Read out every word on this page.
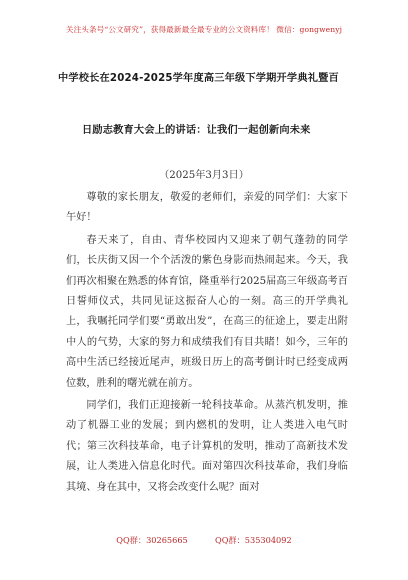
关注头条号“公文研究”，获得最新最全最专业的公文资料库！ 微信：gongwenyj
中学校长在2024-2025学年度高三年级下学期开学典礼暨百
日励志教育大会上的讲话：让我们一起创新向未来
（2025年3月3日）

尊敬的家长朋友，敬爱的老师们，亲爱的同学们：大家下午好！

春天来了，自由、青华校园内又迎来了朝气蓬勃的同学们，长庆街又因一个个活泼的紫色身影而热闹起来。今天，我们再次相聚在熟悉的体育馆，隆重举行2025届高三年级高考百日誓师仪式，共同见证这振奋人心的一刻。高三的开学典礼上，我嘱托同学们要“勇敢出发”，在高三的征途上，要走出附中人的气势，大家的努力和成绩我们有目共睹！如今，三年的高中生活已经接近尾声，班级日历上的高考倒计时已经变成两位数，胜利的曙光就在前方。

同学们，我们正迎接新一轮科技革命。从蒸汽机发明，推动了机器工业的发展；到内燃机的发明，让人类进入电气时代；第三次科技革命，电子计算机的发明，推动了高新技术发展，让人类进入信息化时代。面对第四次科技革命，我们身临其境、身在其中，又将会改变什么呢？面对

QQ群：30265665	QQ群：535304092
